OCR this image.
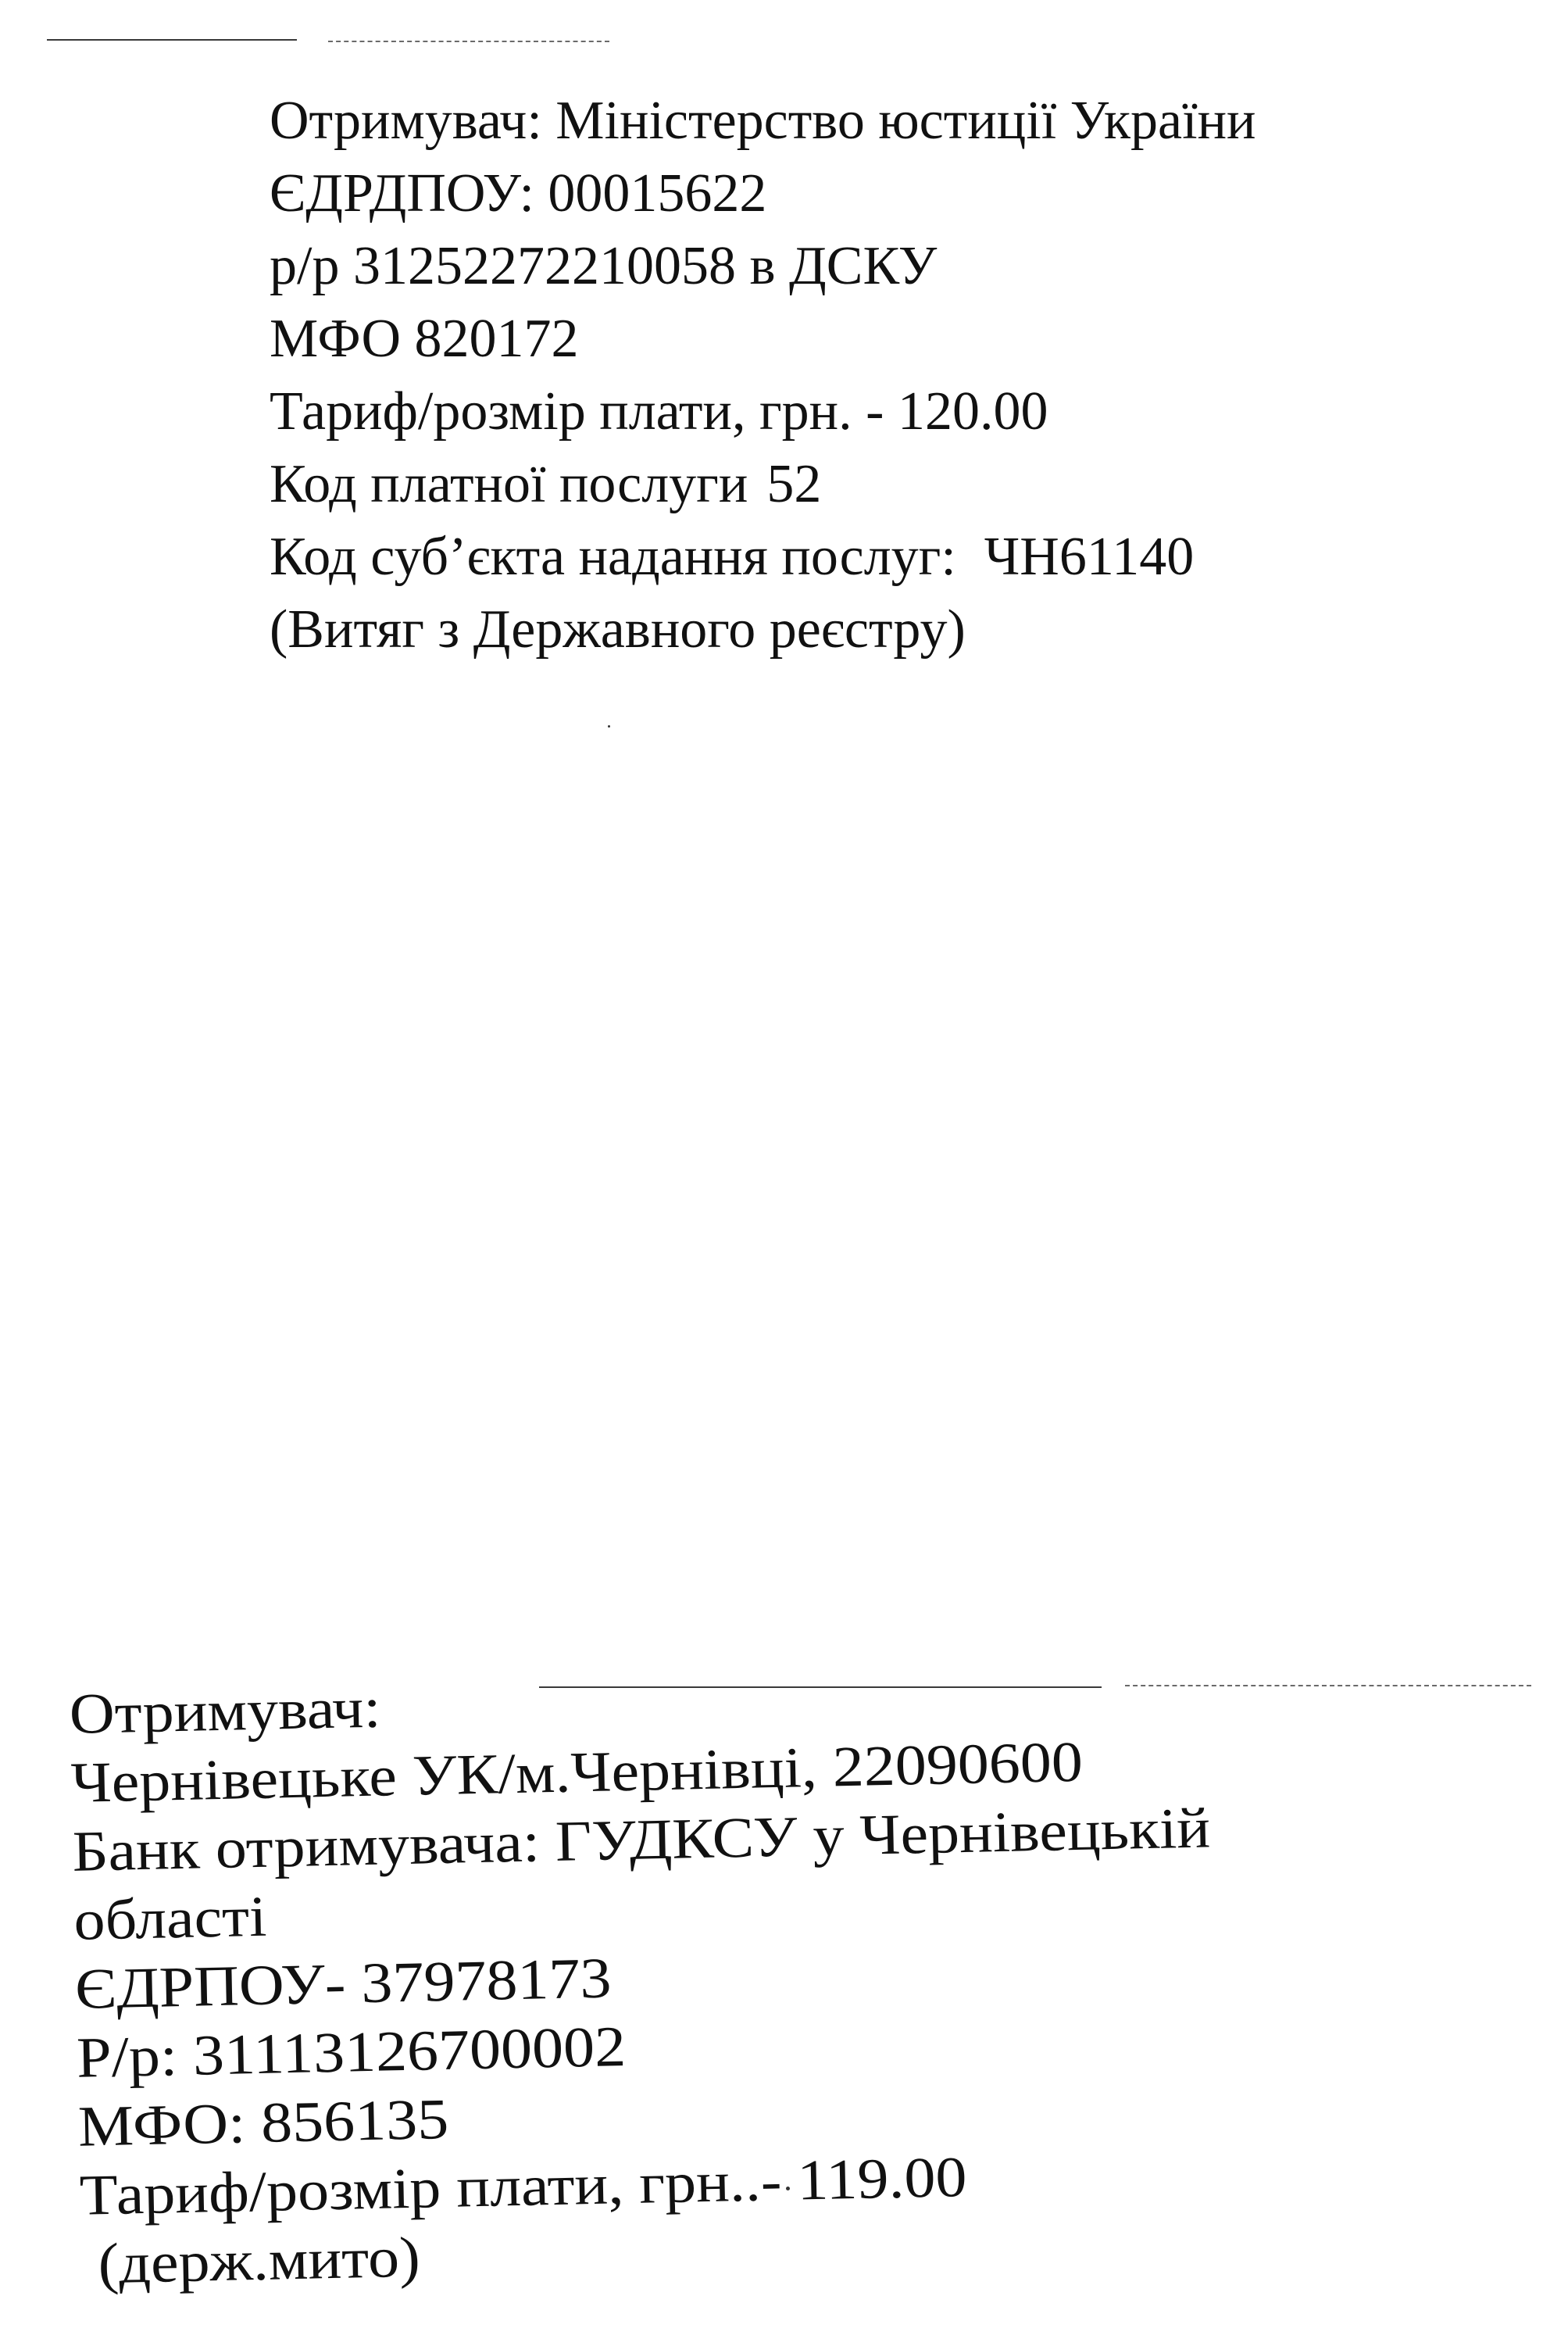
Отримувач: Міністерство юстиції України
ЄДРДПОУ: 00015622
р/р 31252272210058 в ДСКУ
МФО 820172
Тариф/розмір плати, грн. - 120.00
Код платної послуги 52
Код суб’єкта надання послуг: ЧН61140
(Витяг з Державного реєстру)
Отримувач:
Чернівецьке УК/м.Чернівці, 22090600
Банк отримувача: ГУДКСУ у Чернівецькій
області
ЄДРПОУ- 37978173
Р/р: 31113126700002
МФО: 856135
Тариф/розмір плати, грн..- 119.00
(держ.мито)
